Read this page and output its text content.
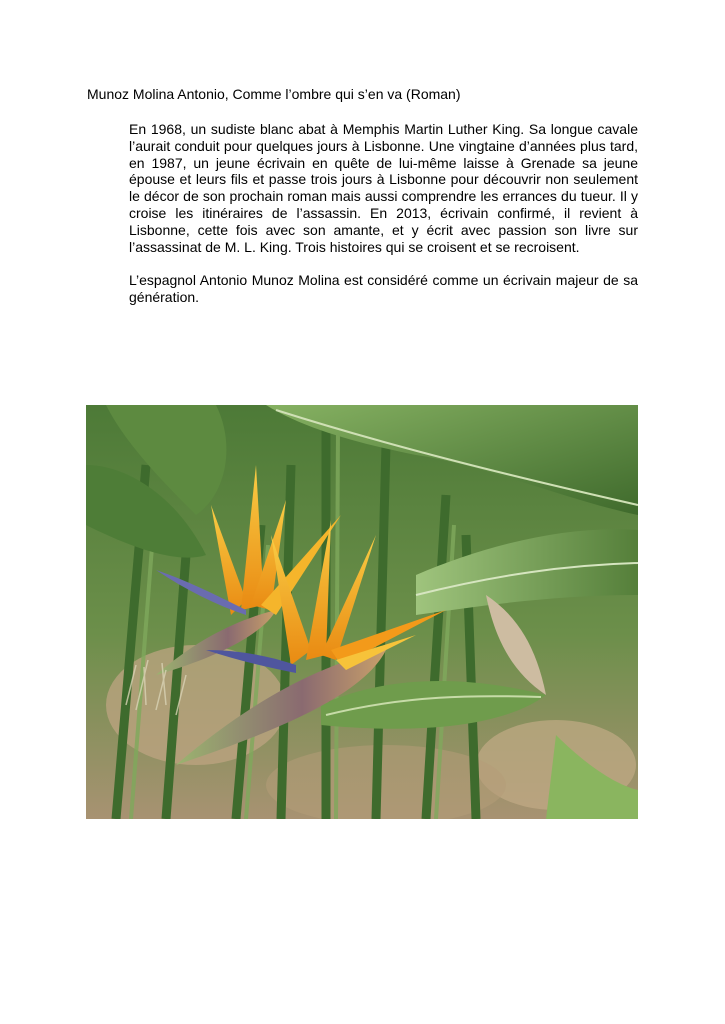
Munoz Molina Antonio, Comme l’ombre qui s’en va (Roman)

En 1968, un sudiste blanc abat à Memphis Martin Luther King. Sa longue cavale l’aurait conduit pour quelques jours à Lisbonne. Une vingtaine d’années plus tard, en 1987, un jeune écrivain en quête de lui-même laisse à Grenade sa jeune épouse et leurs fils et passe trois jours à Lisbonne pour découvrir non seulement le décor de son prochain roman mais aussi comprendre les errances du tueur. Il y croise les itinéraires de l’assassin. En 2013, écrivain confirmé, il revient à Lisbonne, cette fois avec son amante, et y écrit avec passion son livre sur l’assassinat de M. L. King. Trois histoires qui se croisent et se recroisent.

L’espagnol Antonio Munoz Molina est considéré comme un écrivain majeur de sa génération.
